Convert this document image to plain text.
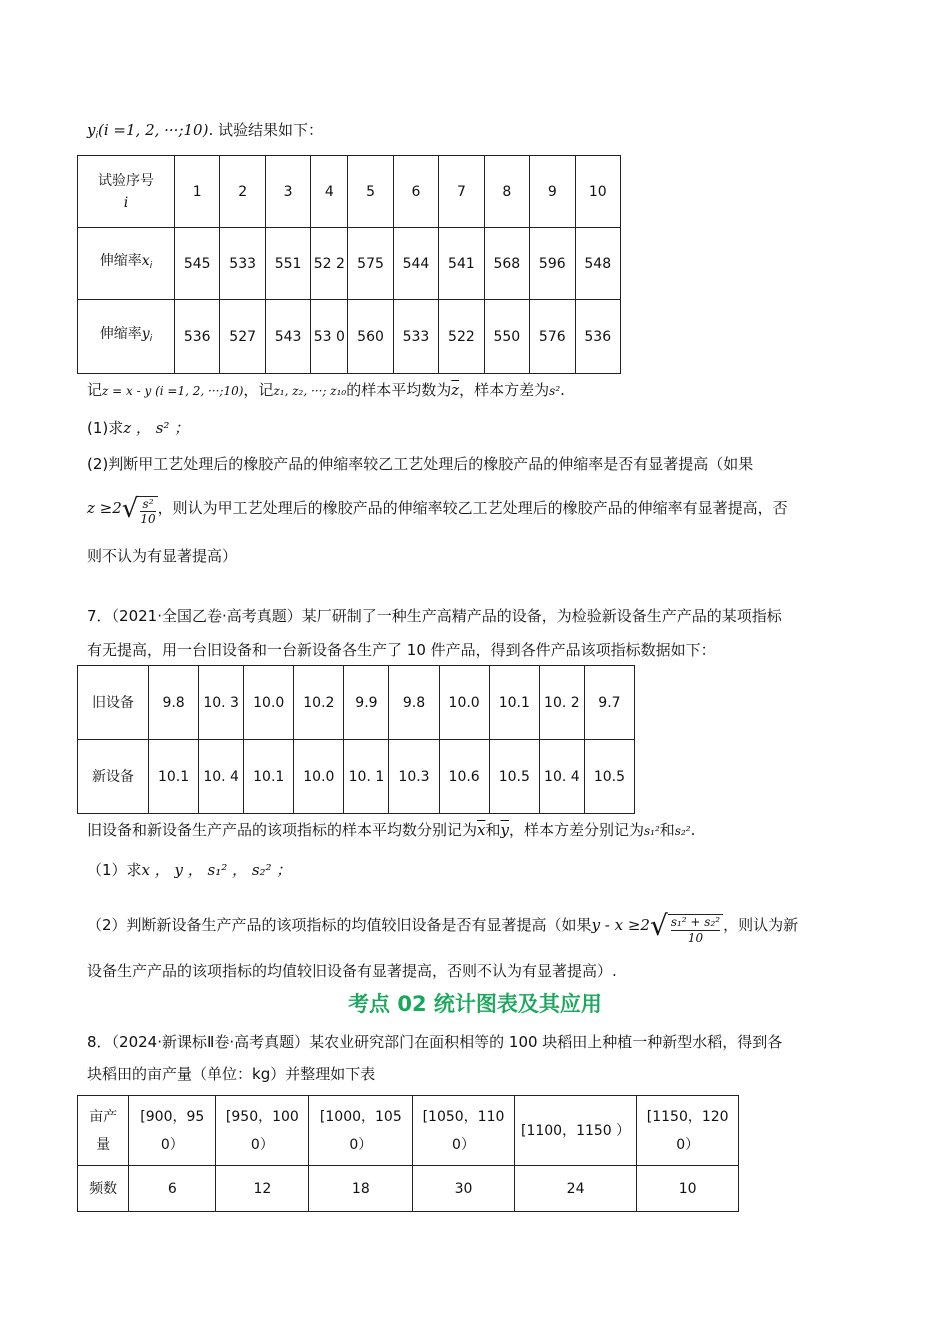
$y_i(i =1$, 2, ···;10). 试验结果如下：
试验序号
i	1	2	3	4	5	6	7	8	9	10
伸缩率$x_i$	545	533	551	52 2	575	544	541	568	596	548
伸缩率$y_i$	536	527	543	53 0	560	533	522	550	576	536
记z = x - y (i =1, 2, ···;10)，记z₁, z₂, ···; z₁₀的样本平均数为$\overline{z}$，样本方差为s².
(1)求z ， s² ；
(2)判断甲工艺处理后的橡胶产品的伸缩率较乙工艺处理后的橡胶产品的伸缩率是否有显著提高（如果
$z \ge 2√ \frac{\text{s²}}{10}$ ，则认为甲工艺处理后的橡胶产品的伸缩率较乙工艺处理后的橡胶产品的伸缩率有显著提高，否
则不认为有显著提高）
7．（2021·全国乙卷·高考真题）某厂研制了一种生产高精产品的设备，为检验新设备生产产品的某项指标
有无提高，用一台旧设备和一台新设备各生产了 10 件产品，得到各件产品该项指标数据如下：
旧设备	9.8	10. 3	10.0	10.2	9.9	9.8	10.0	10.1	10. 2	9.7
新设备	10.1	10. 4	10.1	10.0	10. 1	10.3	10.6	10.5	10. 4	10.5
旧设备和新设备生产产品的该项指标的样本平均数分别记为$\overline{x}$和$\overline{y}$，样本方差分别记为s₁²和s₂².
（1）求x ， y ， s₁² ， s₂² ；
（2）判断新设备生产产品的该项指标的均值较旧设备是否有显著提高（如果$y - x \ge 2√ \frac{\text{s₁² + s₂²}}{10}$ ，则认为新
设备生产产品的该项指标的均值较旧设备有显著提高，否则不认为有显著提高）.
考点 02 统计图表及其应用
8．（2024·新课标Ⅱ卷·高考真题）某农业研究部门在面积相等的 100 块稻田上种植一种新型水稻，得到各
块稻田的亩产量（单位：kg）并整理如下表
亩产 量	[900，95 0）	[950，100 0）	[1000，105 0）	[1050，110 0）	[1100，1150 ）	[1150，120 0）
频数	6	12	18	30	24	10
